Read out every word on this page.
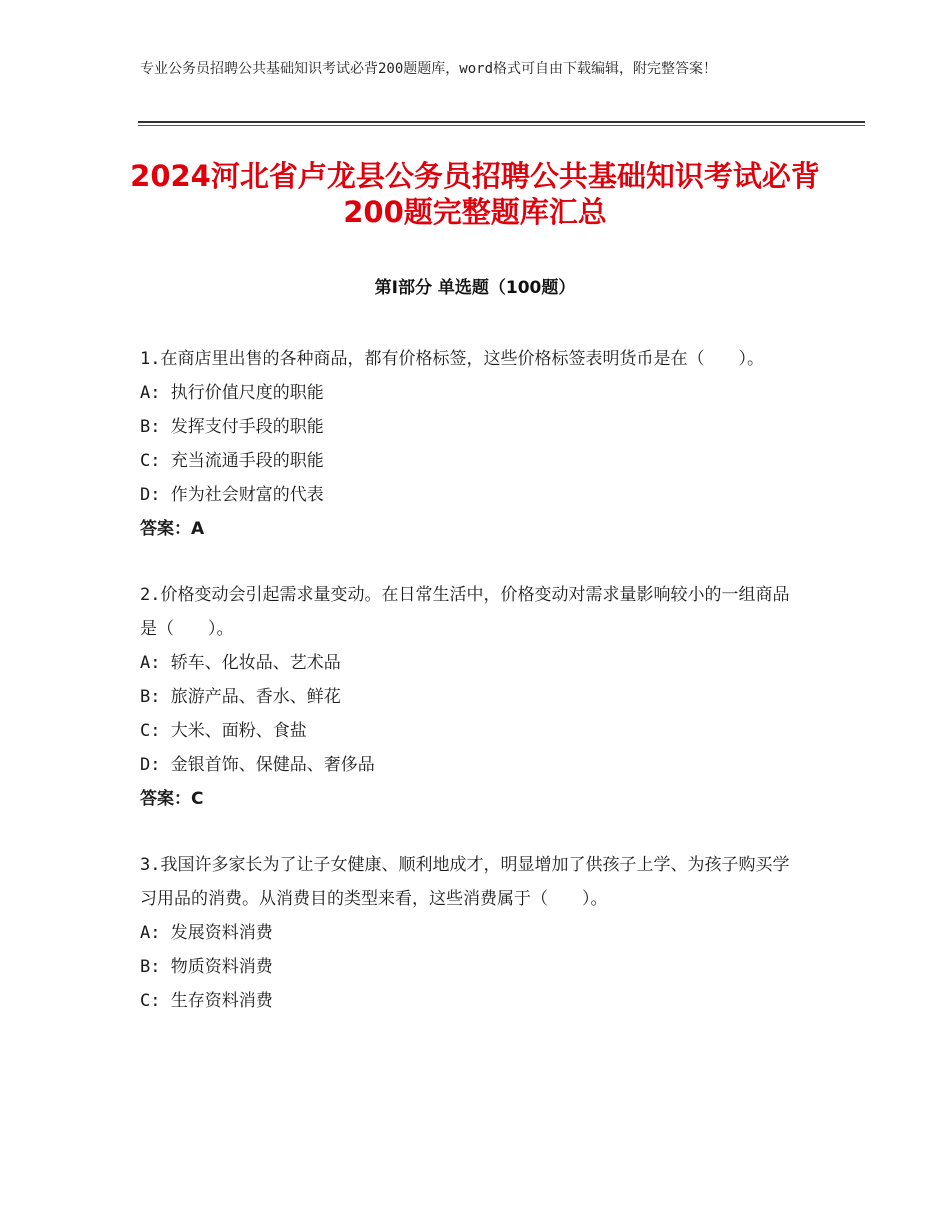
专业公务员招聘公共基础知识考试必背200题题库，word格式可自由下载编辑，附完整答案！
2024河北省卢龙县公务员招聘公共基础知识考试必背200题完整题库汇总
第Ⅰ部分 单选题（100题）

1.在商店里出售的各种商品，都有价格标签，这些价格标签表明货币是在（　　）。

A: 执行价值尺度的职能

B: 发挥支付手段的职能

C: 充当流通手段的职能

D: 作为社会财富的代表

答案：A

2.价格变动会引起需求量变动。在日常生活中，价格变动对需求量影响较小的一组商品是（　　）。

A: 轿车、化妆品、艺术品

B: 旅游产品、香水、鲜花

C: 大米、面粉、食盐

D: 金银首饰、保健品、奢侈品

答案：C

3.我国许多家长为了让子女健康、顺利地成才，明显增加了供孩子上学、为孩子购买学习用品的消费。从消费目的类型来看，这些消费属于（　　）。

A: 发展资料消费

B: 物质资料消费

C: 生存资料消费
